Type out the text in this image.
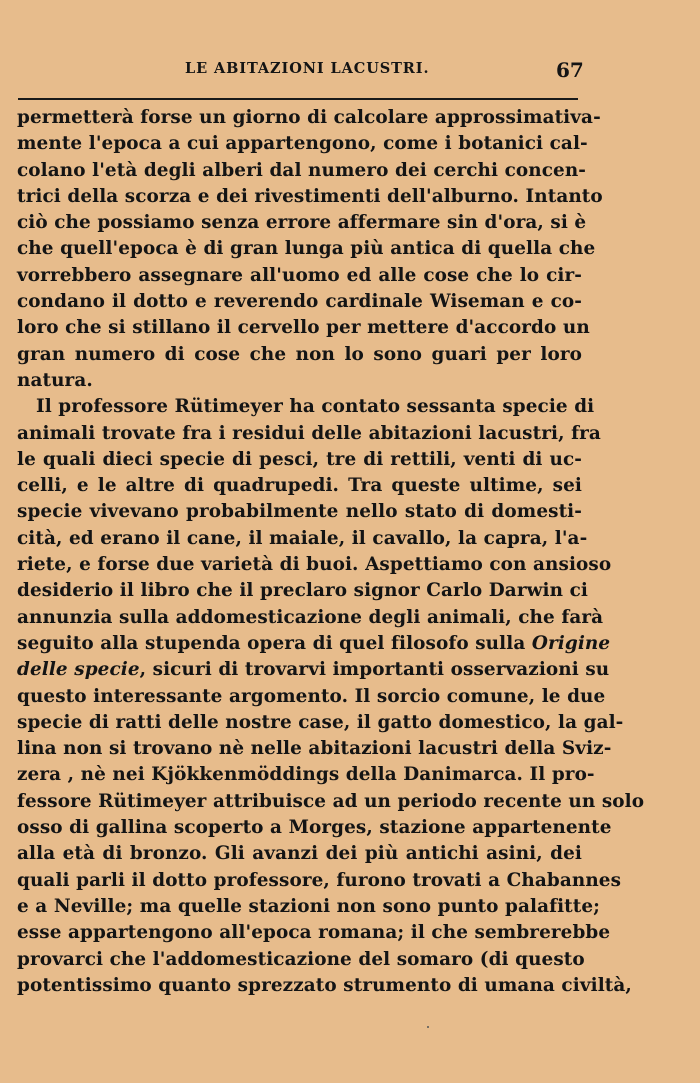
LE ABITAZIONI LACUSTRI.	67
permetterà forse un giorno di calcolare approssimativa-
mente l'epoca a cui appartengono, come i botanici cal-
colano l'età degli alberi dal numero dei cerchi concen-
trici della scorza e dei rivestimenti dell'alburno. Intanto
ciò che possiamo senza errore affermare sin d'ora, si è
che quell'epoca è di gran lunga più antica di quella che
vorrebbero assegnare all'uomo ed alle cose che lo cir-
condano il dotto e reverendo cardinale Wiseman e co-
loro che si stillano il cervello per mettere d'accordo un
gran numero di cose che non lo sono guari per loro
natura.
Il professore Rütimeyer ha contato sessanta specie di
animali trovate fra i residui delle abitazioni lacustri, fra
le quali dieci specie di pesci, tre di rettili, venti di uc-
celli, e le altre di quadrupedi. Tra queste ultime, sei
specie vivevano probabilmente nello stato di domesti-
cità, ed erano il cane, il maiale, il cavallo, la capra, l'a-
riete, e forse due varietà di buoi. Aspettiamo con ansioso
desiderio il libro che il preclaro signor Carlo Darwin ci
annunzia sulla addomesticazione degli animali, che farà
seguito alla stupenda opera di quel filosofo sulla Origine
delle specie, sicuri di trovarvi importanti osservazioni su
questo interessante argomento. Il sorcio comune, le due
specie di ratti delle nostre case, il gatto domestico, la gal-
lina non si trovano nè nelle abitazioni lacustri della Sviz-
zera , nè nei Kjökkenmöddings della Danimarca. Il pro-
fessore Rütimeyer attribuisce ad un periodo recente un solo
osso di gallina scoperto a Morges, stazione appartenente
alla età di bronzo. Gli avanzi dei più antichi asini, dei
quali parli il dotto professore, furono trovati a Chabannes
e a Neville; ma quelle stazioni non sono punto palafitte;
esse appartengono all'epoca romana; il che sembrerebbe
provarci che l'addomesticazione del somaro (di questo
potentissimo quanto sprezzato strumento di umana civiltà,
